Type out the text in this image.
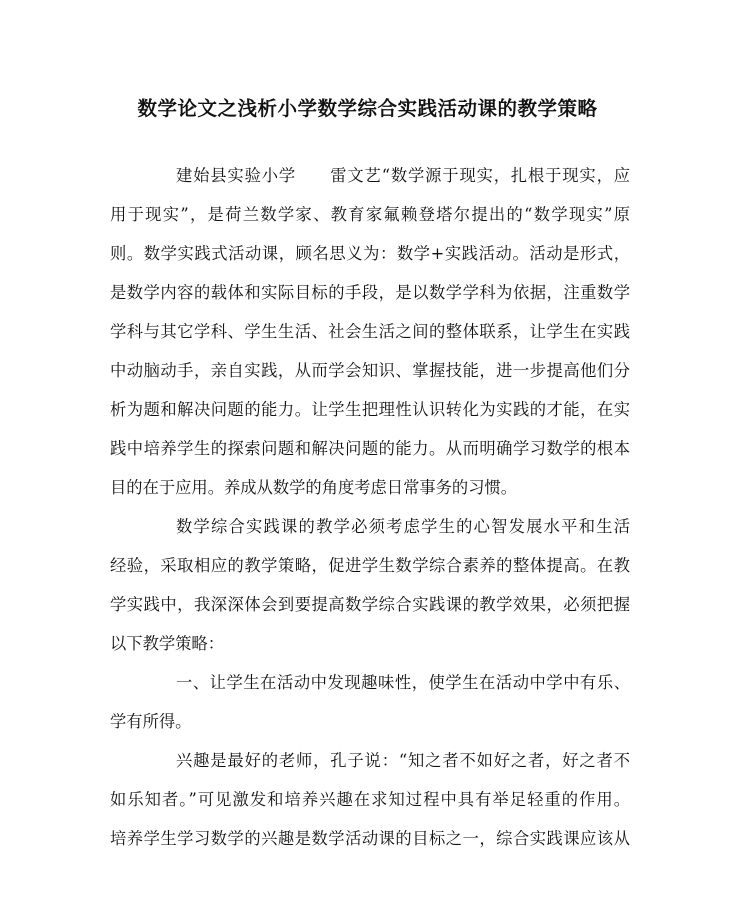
数学论文之浅析小学数学综合实践活动课的教学策略
建始县实验小学　　雷文艺“数学源于现实，扎根于现实，应
用于现实”，是荷兰数学家、教育家氟赖登塔尔提出的“数学现实”原
则。数学实践式活动课，顾名思义为：数学+实践活动。活动是形式，
是数学内容的载体和实际目标的手段，是以数学学科为依据，注重数学
学科与其它学科、学生生活、社会生活之间的整体联系，让学生在实践
中动脑动手，亲自实践，从而学会知识、掌握技能，进一步提高他们分
析为题和解决问题的能力。让学生把理性认识转化为实践的才能，在实
践中培养学生的探索问题和解决问题的能力。从而明确学习数学的根本
目的在于应用。养成从数学的角度考虑日常事务的习惯。
数学综合实践课的教学必须考虑学生的心智发展水平和生活
经验，采取相应的教学策略，促进学生数学综合素养的整体提高。在教
学实践中，我深深体会到要提高数学综合实践课的教学效果，必须把握
以下教学策略：
一、让学生在活动中发现趣味性，使学生在活动中学中有乐、
学有所得。
兴趣是最好的老师，孔子说：“知之者不如好之者，好之者不
如乐知者。”可见激发和培养兴趣在求知过程中具有举足轻重的作用。
培养学生学习数学的兴趣是数学活动课的目标之一，综合实践课应该从
